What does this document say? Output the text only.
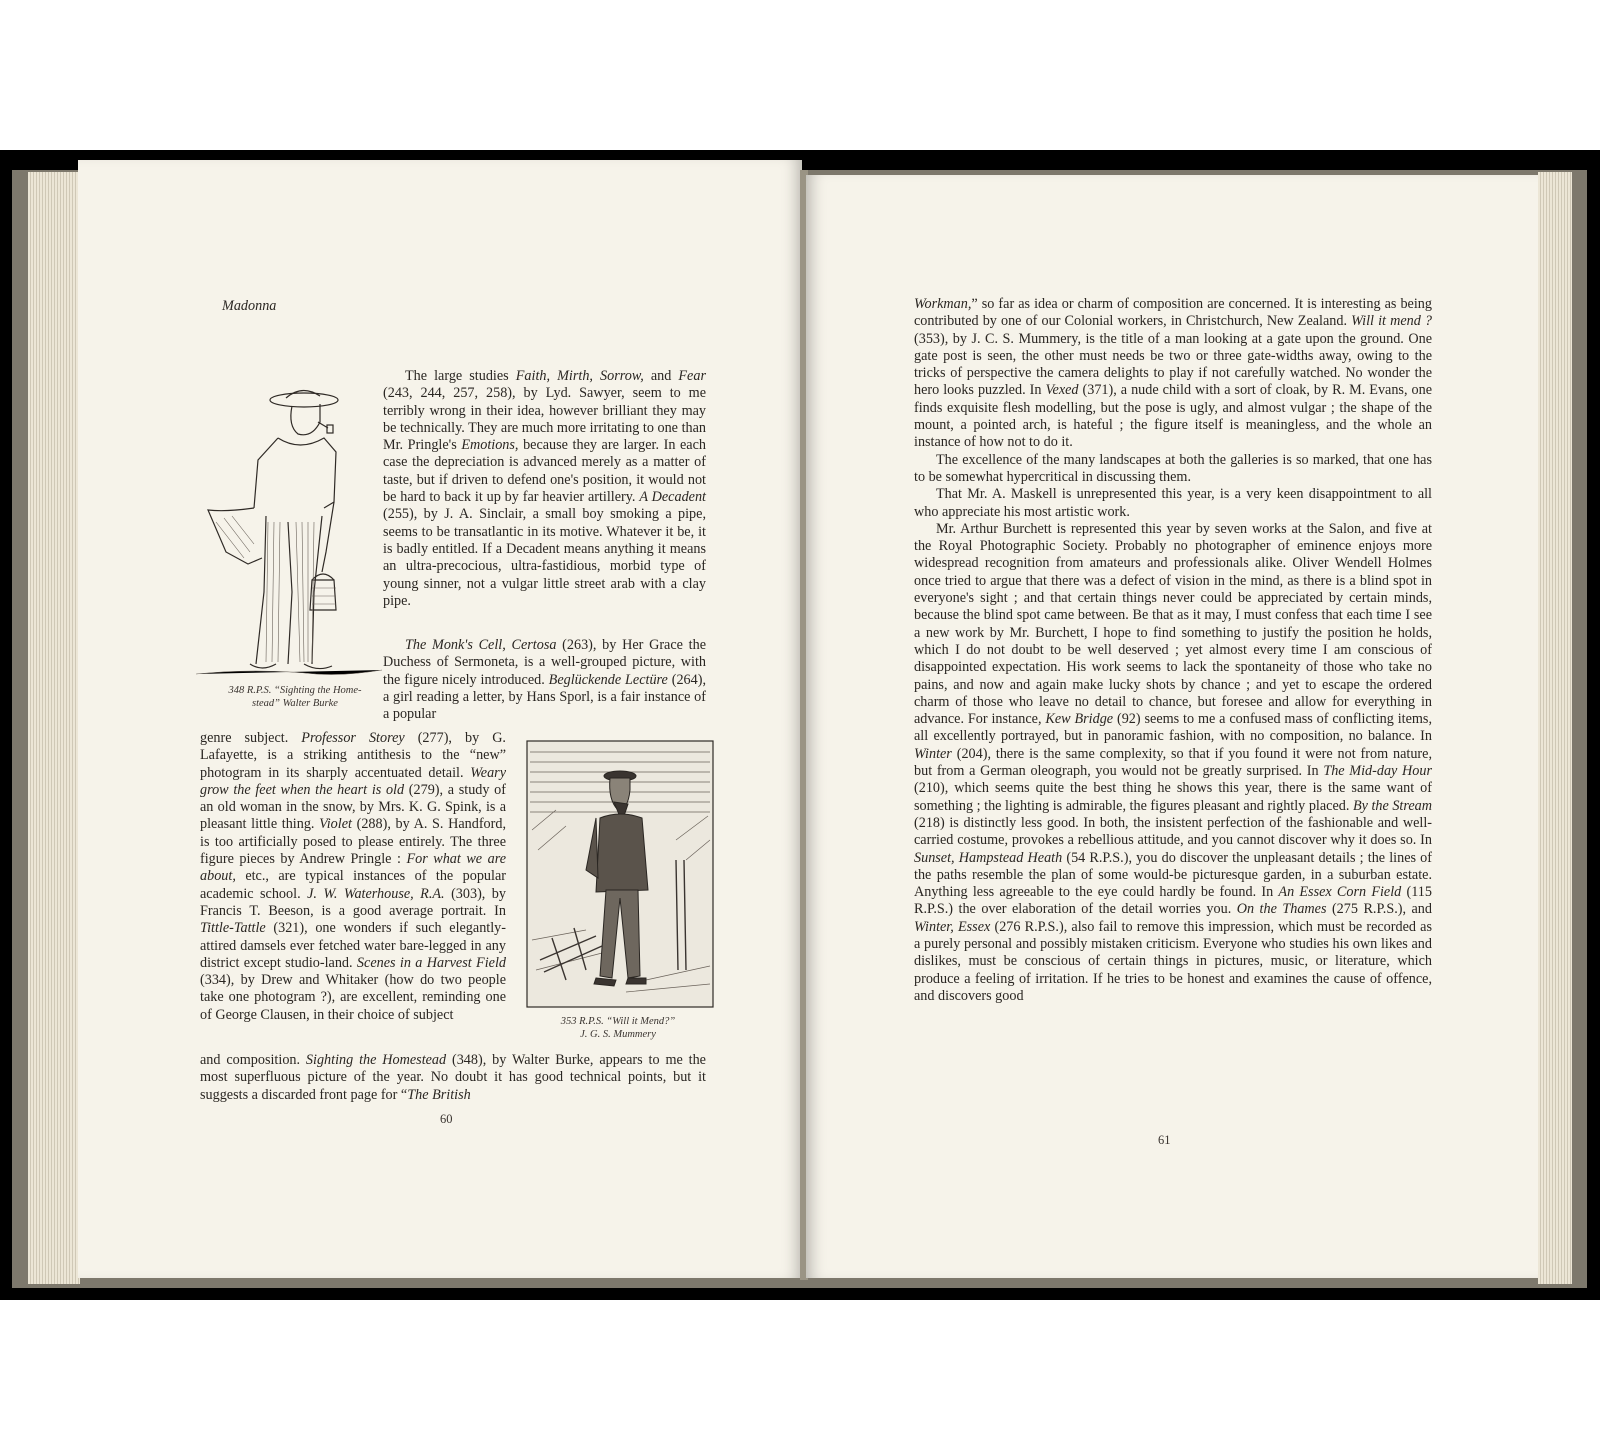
Madonna

348 R.P.S. “Sighting the Home-
stead” Walter Burke

The large studies Faith, Mirth, Sorrow, and Fear (243, 244, 257, 258), by Lyd. Sawyer, seem to me terribly wrong in their idea, however brilliant they may be technically. They are much more irritating to one than Mr. Pringle's Emotions, because they are larger. In each case the depreciation is advanced merely as a matter of taste, but if driven to defend one's position, it would not be hard to back it up by far heavier artillery. A Decadent (255), by J. A. Sinclair, a small boy smoking a pipe, seems to be transatlantic in its motive. Whatever it be, it is badly entitled. If a Decadent means anything it means an ultra-precocious, ultra-fastidious, morbid type of young sinner, not a vulgar little street arab with a clay pipe.

The Monk's Cell, Certosa (263), by Her Grace the Duchess of Sermoneta, is a well-grouped picture, with the figure nicely introduced. Beglückende Lectüre (264), a girl reading a letter, by Hans Sporl, is a fair instance of a popular

genre subject. Professor Storey (277), by G. Lafayette, is a striking antithesis to the “new” photogram in its sharply accentuated detail. Weary grow the feet when the heart is old (279), a study of an old woman in the snow, by Mrs. K. G. Spink, is a pleasant little thing. Violet (288), by A. S. Handford, is too artificially posed to please entirely. The three figure pieces by Andrew Pringle : For what we are about, etc., are typical instances of the popular academic school. J. W. Waterhouse, R.A. (303), by Francis T. Beeson, is a good average portrait. In Tittle-Tattle (321), one wonders if such elegantly-attired damsels ever fetched water bare-legged in any district except studio-land. Scenes in a Harvest Field (334), by Drew and Whitaker (how do two people take one photogram ?), are excellent, reminding one of George Clausen, in their choice of subject	353 R.P.S. “Will it Mend?”
J. G. S. Mummery

and composition. Sighting the Homestead (348), by Walter Burke, appears to me the most superfluous picture of the year. No doubt it has good technical points, but it suggests a discarded front page for “The British

60

Workman,” so far as idea or charm of composition are concerned. It is interesting as being contributed by one of our Colonial workers, in Christchurch, New Zealand. Will it mend ? (353), by J. C. S. Mummery, is the title of a man looking at a gate upon the ground. One gate post is seen, the other must needs be two or three gate-widths away, owing to the tricks of perspective the camera delights to play if not carefully watched. No wonder the hero looks puzzled. In Vexed (371), a nude child with a sort of cloak, by R. M. Evans, one finds exquisite flesh modelling, but the pose is ugly, and almost vulgar ; the shape of the mount, a pointed arch, is hateful ; the figure itself is meaningless, and the whole an instance of how not to do it.

The excellence of the many landscapes at both the galleries is so marked, that one has to be somewhat hypercritical in discussing them.

That Mr. A. Maskell is unrepresented this year, is a very keen disappointment to all who appreciate his most artistic work.

Mr. Arthur Burchett is represented this year by seven works at the Salon, and five at the Royal Photographic Society. Probably no photographer of eminence enjoys more widespread recognition from amateurs and professionals alike. Oliver Wendell Holmes once tried to argue that there was a defect of vision in the mind, as there is a blind spot in everyone's sight ; and that certain things never could be appreciated by certain minds, because the blind spot came between. Be that as it may, I must confess that each time I see a new work by Mr. Burchett, I hope to find something to justify the position he holds, which I do not doubt to be well deserved ; yet almost every time I am conscious of disappointed expectation. His work seems to lack the spontaneity of those who take no pains, and now and again make lucky shots by chance ; and yet to escape the ordered charm of those who leave no detail to chance, but foresee and allow for everything in advance. For instance, Kew Bridge (92) seems to me a confused mass of conflicting items, all excellently portrayed, but in panoramic fashion, with no composition, no balance. In Winter (204), there is the same complexity, so that if you found it were not from nature, but from a German oleograph, you would not be greatly surprised. In The Mid-day Hour (210), which seems quite the best thing he shows this year, there is the same want of something ; the lighting is admirable, the figures pleasant and rightly placed. By the Stream (218) is distinctly less good. In both, the insistent perfection of the fashionable and well-carried costume, provokes a rebellious attitude, and you cannot discover why it does so. In Sunset, Hampstead Heath (54 R.P.S.), you do discover the unpleasant details ; the lines of the paths resemble the plan of some would-be picturesque garden, in a suburban estate. Anything less agreeable to the eye could hardly be found. In An Essex Corn Field (115 R.P.S.) the over elaboration of the detail worries you. On the Thames (275 R.P.S.), and Winter, Essex (276 R.P.S.), also fail to remove this impression, which must be recorded as a purely personal and possibly mistaken criticism. Everyone who studies his own likes and dislikes, must be conscious of certain things in pictures, music, or literature, which produce a feeling of irritation. If he tries to be honest and examines the cause of offence, and discovers good

61
